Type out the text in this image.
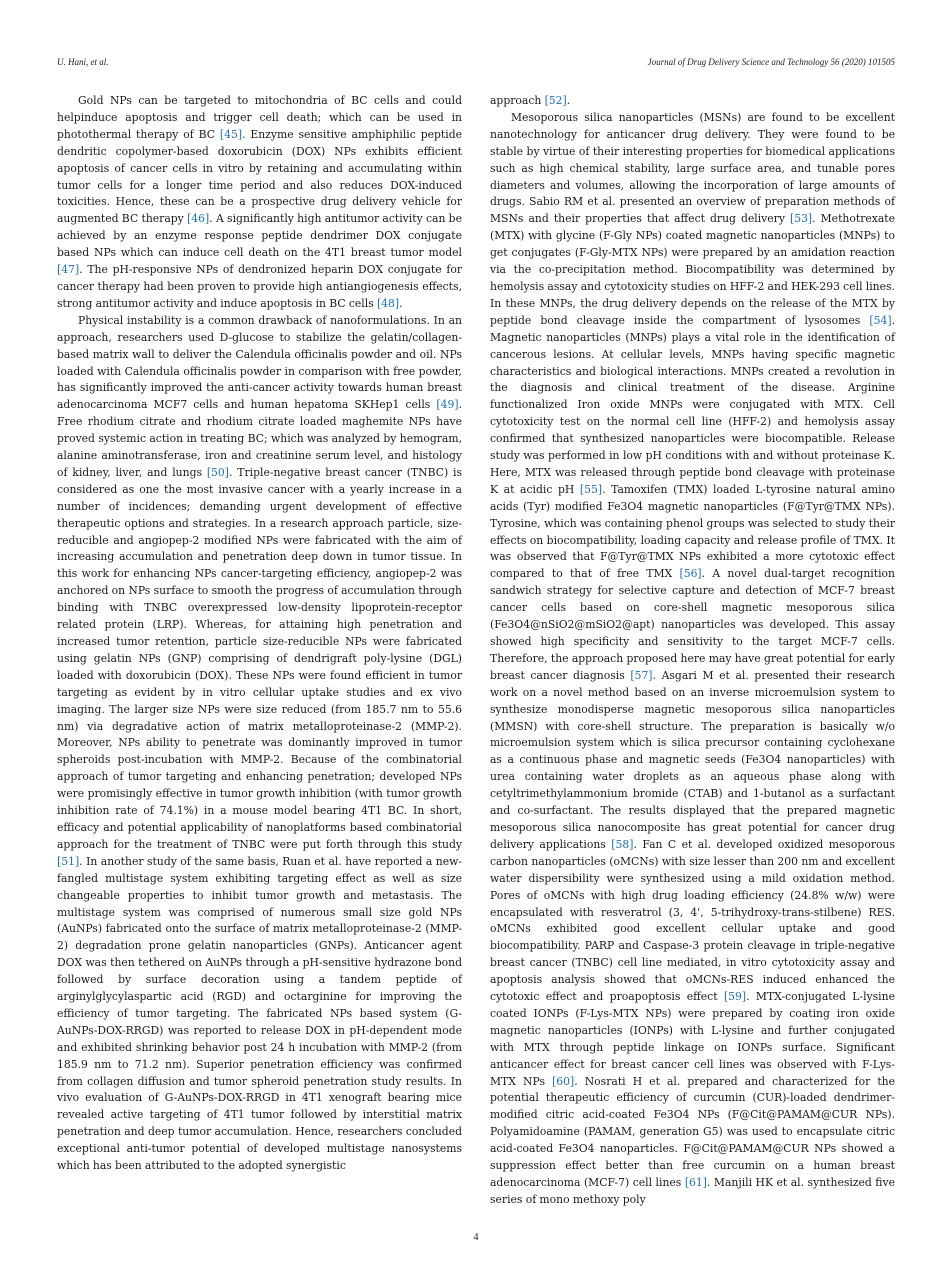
U. Hani, et al.	Journal of Drug Delivery Science and Technology 56 (2020) 101505

Gold NPs can be targeted to mitochondria of BC cells and could helpinduce apoptosis and trigger cell death; which can be used in photothermal therapy of BC [45]. Enzyme sensitive amphiphilic peptide dendritic copolymer-based doxorubicin (DOX) NPs exhibits efficient apoptosis of cancer cells in vitro by retaining and accumulating within tumor cells for a longer time period and also reduces DOX-induced toxicities. Hence, these can be a prospective drug delivery vehicle for augmented BC therapy [46]. A significantly high antitumor activity can be achieved by an enzyme response peptide dendrimer DOX conjugate based NPs which can induce cell death on the 4T1 breast tumor model [47]. The pH-responsive NPs of dendronized heparin DOX conjugate for cancer therapy had been proven to provide high antiangiogenesis effects, strong antitumor activity and induce apoptosis in BC cells [48].

Physical instability is a common drawback of nanoformulations. In an approach, researchers used D-glucose to stabilize the gelatin/collagen-based matrix wall to deliver the Calendula officinalis powder and oil. NPs loaded with Calendula officinalis powder in comparison with free powder, has significantly improved the anti-cancer activity towards human breast adenocarcinoma MCF7 cells and human hepatoma SKHep1 cells [49]. Free rhodium citrate and rhodium citrate loaded maghemite NPs have proved systemic action in treating BC; which was analyzed by hemogram, alanine aminotransferase, iron and creatinine serum level, and histology of kidney, liver, and lungs [50]. Triple-negative breast cancer (TNBC) is considered as one the most invasive cancer with a yearly increase in a number of incidences; demanding urgent development of effective therapeutic options and strategies. In a research approach particle, size-reducible and angiopep-2 modified NPs were fabricated with the aim of increasing accumulation and penetration deep down in tumor tissue. In this work for enhancing NPs cancer-targeting efficiency, angiopep-2 was anchored on NPs surface to smooth the progress of accumulation through binding with TNBC overexpressed low-density lipoprotein-receptor related protein (LRP). Whereas, for attaining high penetration and increased tumor retention, particle size-reducible NPs were fabricated using gelatin NPs (GNP) comprising of dendrigraft poly-lysine (DGL) loaded with doxorubicin (DOX). These NPs were found efficient in tumor targeting as evident by in vitro cellular uptake studies and ex vivo imaging. The larger size NPs were size reduced (from 185.7 nm to 55.6 nm) via degradative action of matrix metalloproteinase-2 (MMP-2). Moreover, NPs ability to penetrate was dominantly improved in tumor spheroids post-incubation with MMP-2. Because of the combinatorial approach of tumor targeting and enhancing penetration; developed NPs were promisingly effective in tumor growth inhibition (with tumor growth inhibition rate of 74.1%) in a mouse model bearing 4T1 BC. In short, efficacy and potential applicability of nanoplatforms based combinatorial approach for the treatment of TNBC were put forth through this study [51]. In another study of the same basis, Ruan et al. have reported a new-fangled multistage system exhibiting targeting effect as well as size changeable properties to inhibit tumor growth and metastasis. The multistage system was comprised of numerous small size gold NPs (AuNPs) fabricated onto the surface of matrix metalloproteinase-2 (MMP-2) degradation prone gelatin nanoparticles (GNPs). Anticancer agent DOX was then tethered on AuNPs through a pH-sensitive hydrazone bond followed by surface decoration using a tandem peptide of arginylglycylaspartic acid (RGD) and octarginine for improving the efficiency of tumor targeting. The fabricated NPs based system (G-AuNPs-DOX-RRGD) was reported to release DOX in pH-dependent mode and exhibited shrinking behavior post 24 h incubation with MMP-2 (from 185.9 nm to 71.2 nm). Superior penetration efficiency was confirmed from collagen diffusion and tumor spheroid penetration study results. In vivo evaluation of G-AuNPs-DOX-RRGD in 4T1 xenograft bearing mice revealed active targeting of 4T1 tumor followed by interstitial matrix penetration and deep tumor accumulation. Hence, researchers concluded exceptional anti-tumor potential of developed multistage nanosystems which has been attributed to the adopted synergistic

approach [52].

Mesoporous silica nanoparticles (MSNs) are found to be excellent nanotechnology for anticancer drug delivery. They were found to be stable by virtue of their interesting properties for biomedical applications such as high chemical stability, large surface area, and tunable pores diameters and volumes, allowing the incorporation of large amounts of drugs. Sabio RM et al. presented an overview of preparation methods of MSNs and their properties that affect drug delivery [53]. Methotrexate (MTX) with glycine (F-Gly NPs) coated magnetic nanoparticles (MNPs) to get conjugates (F-Gly-MTX NPs) were prepared by an amidation reaction via the co-precipitation method. Biocompatibility was determined by hemolysis assay and cytotoxicity studies on HFF-2 and HEK-293 cell lines. In these MNPs, the drug delivery depends on the release of the MTX by peptide bond cleavage inside the compartment of lysosomes [54]. Magnetic nanoparticles (MNPs) plays a vital role in the identification of cancerous lesions. At cellular levels, MNPs having specific magnetic characteristics and biological interactions. MNPs created a revolution in the diagnosis and clinical treatment of the disease. Arginine functionalized Iron oxide MNPs were conjugated with MTX. Cell cytotoxicity test on the normal cell line (HFF-2) and hemolysis assay confirmed that synthesized nanoparticles were biocompatible. Release study was performed in low pH conditions with and without proteinase K. Here, MTX was released through peptide bond cleavage with proteinase K at acidic pH [55]. Tamoxifen (TMX) loaded L-tyrosine natural amino acids (Tyr) modified Fe3O4 magnetic nanoparticles (F@Tyr@TMX NPs). Tyrosine, which was containing phenol groups was selected to study their effects on biocompatibility, loading capacity and release profile of TMX. It was observed that F@Tyr@TMX NPs exhibited a more cytotoxic effect compared to that of free TMX [56]. A novel dual-target recognition sandwich strategy for selective capture and detection of MCF-7 breast cancer cells based on core-shell magnetic mesoporous silica (Fe3O4@nSiO2@mSiO2@apt) nanoparticles was developed. This assay showed high specificity and sensitivity to the target MCF-7 cells. Therefore, the approach proposed here may have great potential for early breast cancer diagnosis [57]. Asgari M et al. presented their research work on a novel method based on an inverse microemulsion system to synthesize monodisperse magnetic mesoporous silica nanoparticles (MMSN) with core-shell structure. The preparation is basically w/o microemulsion system which is silica precursor containing cyclohexane as a continuous phase and magnetic seeds (Fe3O4 nanoparticles) with urea containing water droplets as an aqueous phase along with cetyltrimethylammonium bromide (CTAB) and 1-butanol as a surfactant and co-surfactant. The results displayed that the prepared magnetic mesoporous silica nanocomposite has great potential for cancer drug delivery applications [58]. Fan C et al. developed oxidized mesoporous carbon nanoparticles (oMCNs) with size lesser than 200 nm and excellent water dispersibility were synthesized using a mild oxidation method. Pores of oMCNs with high drug loading efficiency (24.8% w/w) were encapsulated with resveratrol (3, 4', 5-trihydroxy-trans-stilbene) RES. oMCNs exhibited good excellent cellular uptake and good biocompatibility. PARP and Caspase-3 protein cleavage in triple-negative breast cancer (TNBC) cell line mediated, in vitro cytotoxicity assay and apoptosis analysis showed that oMCNs-RES induced enhanced the cytotoxic effect and proapoptosis effect [59]. MTX-conjugated L-lysine coated IONPs (F-Lys-MTX NPs) were prepared by coating iron oxide magnetic nanoparticles (IONPs) with L-lysine and further conjugated with MTX through peptide linkage on IONPs surface. Significant anticancer effect for breast cancer cell lines was observed with F-Lys-MTX NPs [60]. Nosrati H et al. prepared and characterized for the potential therapeutic efficiency of curcumin (CUR)-loaded dendrimer-modified citric acid-coated Fe3O4 NPs (F@Cit@PAMAM@CUR NPs). Polyamidoamine (PAMAM, generation G5) was used to encapsulate citric acid-coated Fe3O4 nanoparticles. F@Cit@PAMAM@CUR NPs showed a suppression effect better than free curcumin on a human breast adenocarcinoma (MCF-7) cell lines [61]. Manjili HK et al. synthesized five series of mono methoxy poly

4
